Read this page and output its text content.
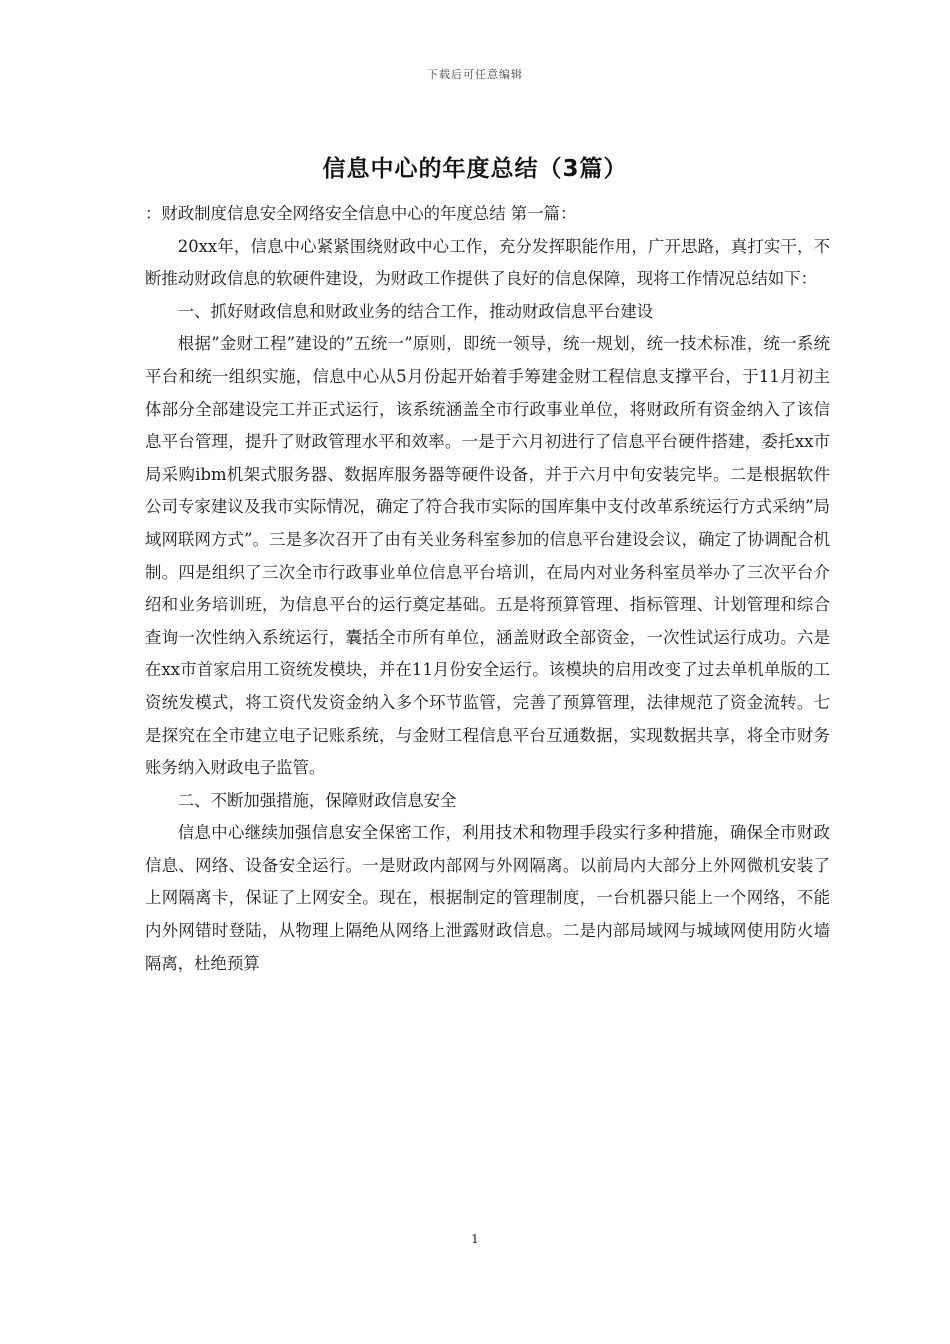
下载后可任意编辑
信息中心的年度总结（3篇）

：财政制度信息安全网络安全信息中心的年度总结 第一篇：

20xx年，信息中心紧紧围绕财政中心工作，充分发挥职能作用，广开思路，真打实干，不断推动财政信息的软硬件建设，为财政工作提供了良好的信息保障，现将工作情况总结如下：

一、抓好财政信息和财政业务的结合工作，推动财政信息平台建设

根据”金财工程”建设的”五统一”原则，即统一领导，统一规划，统一技术标准，统一系统平台和统一组织实施，信息中心从5月份起开始着手筹建金财工程信息支撑平台，于11月初主体部分全部建设完工并正式运行，该系统涵盖全市行政事业单位，将财政所有资金纳入了该信息平台管理，提升了财政管理水平和效率。一是于六月初进行了信息平台硬件搭建，委托xx市局采购ibm机架式服务器、数据库服务器等硬件设备，并于六月中旬安装完毕。二是根据软件公司专家建议及我市实际情况，确定了符合我市实际的国库集中支付改革系统运行方式采纳”局域网联网方式”。三是多次召开了由有关业务科室参加的信息平台建设会议，确定了协调配合机制。四是组织了三次全市行政事业单位信息平台培训，在局内对业务科室员举办了三次平台介绍和业务培训班，为信息平台的运行奠定基础。五是将预算管理、指标管理、计划管理和综合查询一次性纳入系统运行，囊括全市所有单位，涵盖财政全部资金，一次性试运行成功。六是在xx市首家启用工资统发模块，并在11月份安全运行。该模块的启用改变了过去单机单版的工资统发模式，将工资代发资金纳入多个环节监管，完善了预算管理，法律规范了资金流转。七是探究在全市建立电子记账系统，与金财工程信息平台互通数据，实现数据共享，将全市财务账务纳入财政电子监管。

二、不断加强措施，保障财政信息安全

信息中心继续加强信息安全保密工作，利用技术和物理手段实行多种措施，确保全市财政信息、网络、设备安全运行。一是财政内部网与外网隔离。以前局内大部分上外网微机安装了上网隔离卡，保证了上网安全。现在，根据制定的管理制度，一台机器只能上一个网络，不能内外网错时登陆，从物理上隔绝从网络上泄露财政信息。二是内部局域网与城域网使用防火墙隔离，杜绝预算

1
